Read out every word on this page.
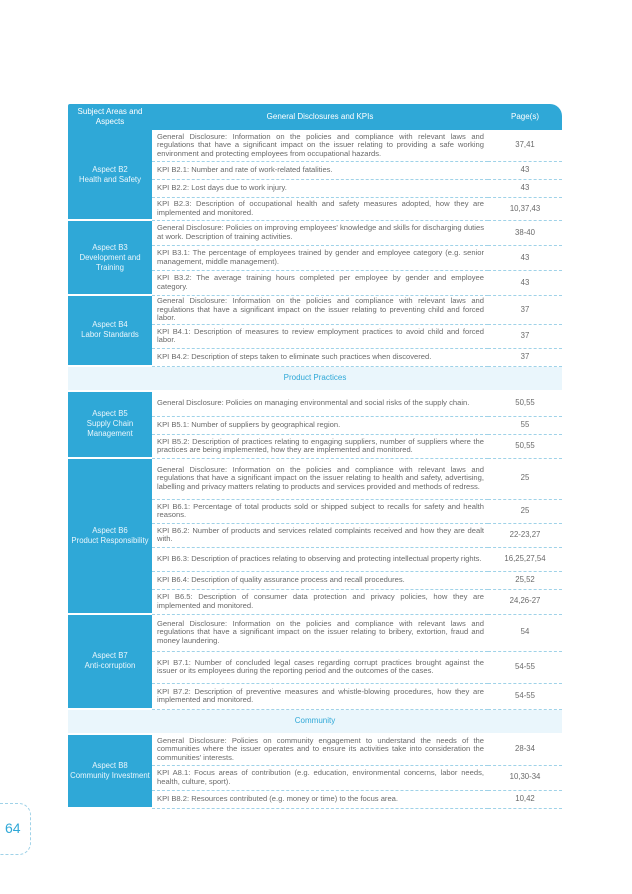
Subject Areas and Aspects	General Disclosures and KPIs	Page(s)

Aspect B2
Health and Safety	General Disclosure: Information on the policies and compliance with relevant laws and regulations that have a significant impact on the issuer relating to providing a safe working environment and protecting employees from occupational hazards.	37,41
	KPI B2.1: Number and rate of work-related fatalities.	43
	KPI B2.2: Lost days due to work injury.	43
	KPI B2.3: Description of occupational health and safety measures adopted, how they are implemented and monitored.	10,37,43

Aspect B3
Development and Training	General Disclosure: Policies on improving employees' knowledge and skills for discharging duties at work. Description of training activities.	38-40
	KPI B3.1: The percentage of employees trained by gender and employee category (e.g. senior management, middle management).	43
	KPI B3.2: The average training hours completed per employee by gender and employee category.	43

Aspect B4
Labor Standards	General Disclosure: Information on the policies and compliance with relevant laws and regulations that have a significant impact on the issuer relating to preventing child and forced labor.	37
	KPI B4.1: Description of measures to review employment practices to avoid child and forced labor.	37
	KPI B4.2: Description of steps taken to eliminate such practices when discovered.	37
Product Practices		

Aspect B5
Supply Chain Management	General Disclosure: Policies on managing environmental and social risks of the supply chain.	50,55
	KPI B5.1: Number of suppliers by geographical region.	55
	KPI B5.2: Description of practices relating to engaging suppliers, number of suppliers where the practices are being implemented, how they are implemented and monitored.	50,55

Aspect B6
Product Responsibility	General Disclosure: Information on the policies and compliance with relevant laws and regulations that have a significant impact on the issuer relating to health and safety, advertising, labelling and privacy matters relating to products and services provided and methods of redress.	25
	KPI B6.1: Percentage of total products sold or shipped subject to recalls for safety and health reasons.	25
	KPI B6.2: Number of products and services related complaints received and how they are dealt with.	22-23,27
	KPI B6.3: Description of practices relating to observing and protecting intellectual property rights.	16,25,27,54
	KPI B6.4: Description of quality assurance process and recall procedures.	25,52
	KPI B6.5: Description of consumer data protection and privacy policies, how they are implemented and monitored.	24,26-27

Aspect B7
Anti-corruption	General Disclosure: Information on the policies and compliance with relevant laws and regulations that have a significant impact on the issuer relating to bribery, extortion, fraud and money laundering.	54
	KPI B7.1: Number of concluded legal cases regarding corrupt practices brought against the issuer or its employees during the reporting period and the outcomes of the cases.	54-55
	KPI B7.2: Description of preventive measures and whistle-blowing procedures, how they are implemented and monitored.	54-55
Community		

Aspect B8
Community Investment	General Disclosure: Policies on community engagement to understand the needs of the communities where the issuer operates and to ensure its activities take into consideration the communities' interests.	28-34
	KPI A8.1: Focus areas of contribution (e.g. education, environmental concerns, labor needs, health, culture, sport).	10,30-34
	KPI B8.2: Resources contributed (e.g. money or time) to the focus area.	10,42
64
